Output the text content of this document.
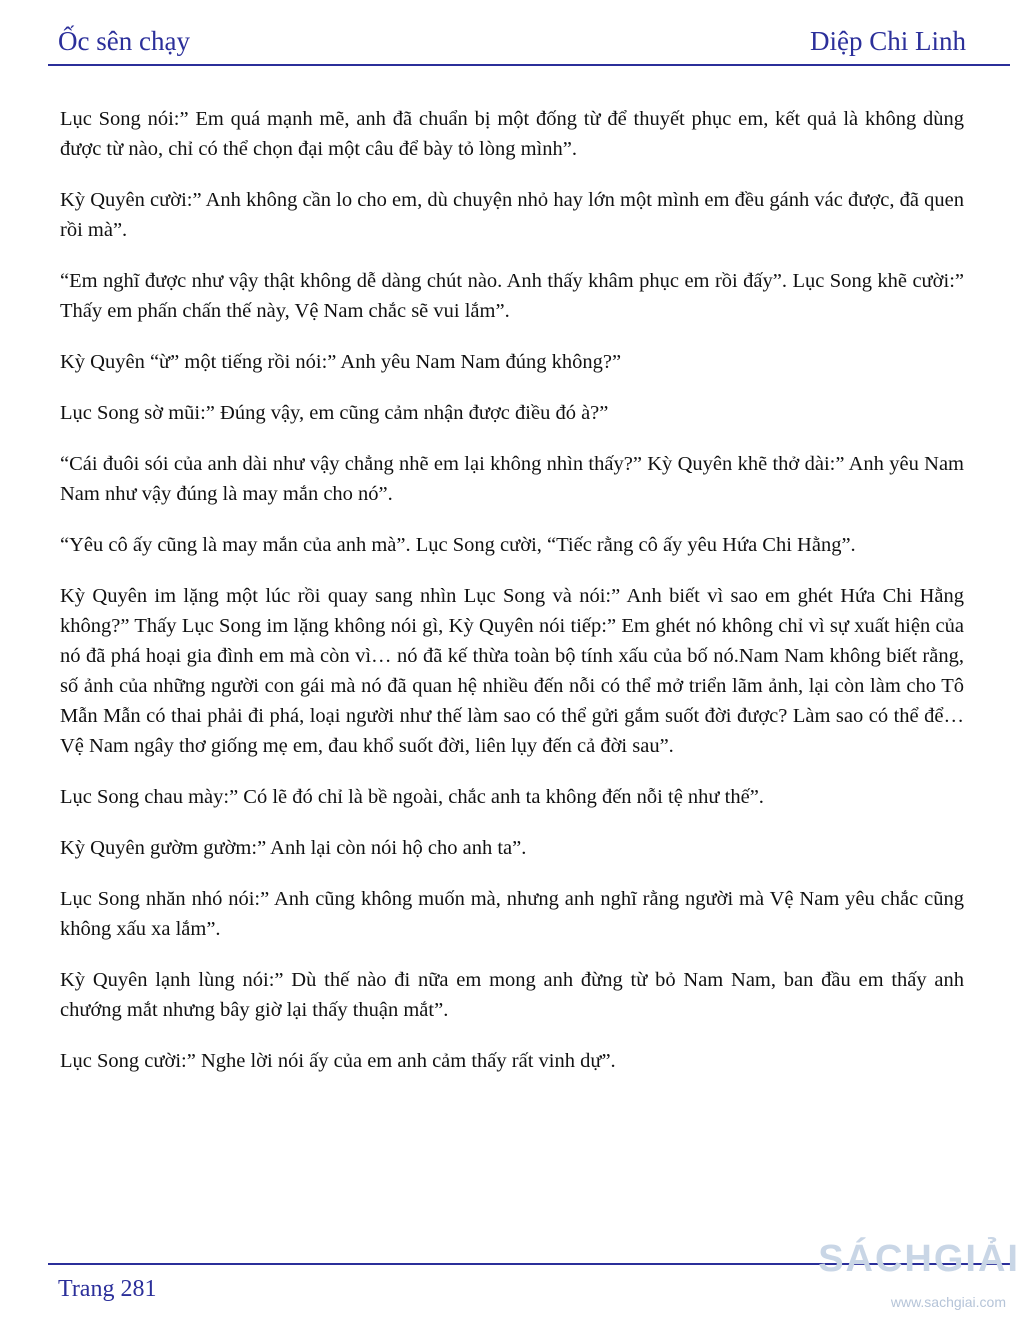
Ốc sên chạy	Diệp Chi Linh

Lục Song nói:” Em quá mạnh mẽ, anh đã chuẩn bị một đống từ để thuyết phục em, kết quả là không dùng được từ nào, chỉ có thể chọn đại một câu để bày tỏ lòng mình”.

Kỳ Quyên cười:” Anh không cần lo cho em, dù chuyện nhỏ hay lớn một mình em đều gánh vác được, đã quen rồi mà”.

“Em nghĩ được như vậy thật không dễ dàng chút nào. Anh thấy khâm phục em rồi đấy”. Lục Song khẽ cười:” Thấy em phấn chấn thế này, Vệ Nam chắc sẽ vui lắm”.

Kỳ Quyên “ừ” một tiếng rồi nói:” Anh yêu Nam Nam đúng không?”

Lục Song sờ mũi:” Đúng vậy, em cũng cảm nhận được điều đó à?”

“Cái đuôi sói của anh dài như vậy chẳng nhẽ em lại không nhìn thấy?” Kỳ Quyên khẽ thở dài:” Anh yêu Nam Nam như vậy đúng là may mắn cho nó”.

“Yêu cô ấy cũng là may mắn của anh mà”. Lục Song cười, “Tiếc rằng cô ấy yêu Hứa Chi Hằng”.

Kỳ Quyên im lặng một lúc rồi quay sang nhìn Lục Song và nói:” Anh biết vì sao em ghét Hứa Chi Hằng không?” Thấy Lục Song im lặng không nói gì, Kỳ Quyên nói tiếp:” Em ghét nó không chỉ vì sự xuất hiện của nó đã phá hoại gia đình em mà còn vì… nó đã kế thừa toàn bộ tính xấu của bố nó.Nam Nam không biết rằng, số ảnh của những người con gái mà nó đã quan hệ nhiều đến nỗi có thể mở triển lãm ảnh, lại còn làm cho Tô Mẫn Mẫn có thai phải đi phá, loại người như thế làm sao có thể gửi gắm suốt đời được? Làm sao có thể để… Vệ Nam ngây thơ giống mẹ em, đau khổ suốt đời, liên lụy đến cả đời sau”.

Lục Song chau mày:” Có lẽ đó chỉ là bề ngoài, chắc anh ta không đến nỗi tệ như thế”.

Kỳ Quyên gườm gườm:” Anh lại còn nói hộ cho anh ta”.

Lục Song nhăn nhó nói:” Anh cũng không muốn mà, nhưng anh nghĩ rằng người mà Vệ Nam yêu chắc cũng không xấu xa lắm”.

Kỳ Quyên lạnh lùng nói:” Dù thế nào đi nữa em mong anh đừng từ bỏ Nam Nam, ban đầu em thấy anh chướng mắt nhưng bây giờ lại thấy thuận mắt”.

Lục Song cười:” Nghe lời nói ấy của em anh cảm thấy rất vinh dự”.

Trang 281
SÁCHGIẢI
www.sachgiai.com
